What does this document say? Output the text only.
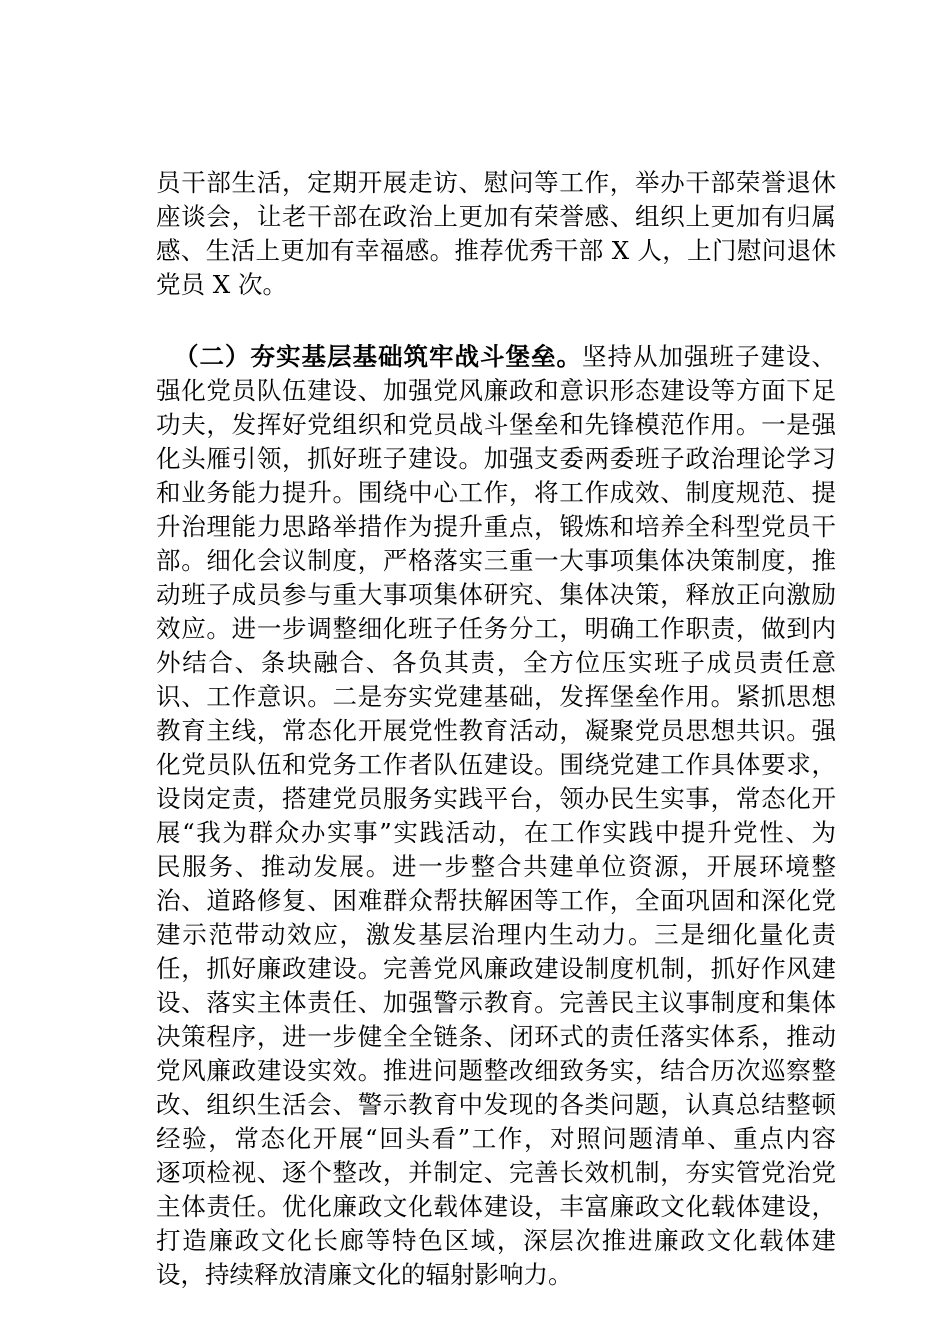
员干部生活，定期开展走访、慰问等工作，举办干部荣誉退休
座谈会，让老干部在政治上更加有荣誉感、组织上更加有归属
感、生活上更加有幸福感。推荐优秀干部 X 人，上门慰问退休
党员 X 次。
（二）夯实基层基础筑牢战斗堡垒。坚持从加强班子建设、
强化党员队伍建设、加强党风廉政和意识形态建设等方面下足
功夫，发挥好党组织和党员战斗堡垒和先锋模范作用。一是强
化头雁引领，抓好班子建设。加强支委两委班子政治理论学习
和业务能力提升。围绕中心工作，将工作成效、制度规范、提
升治理能力思路举措作为提升重点，锻炼和培养全科型党员干
部。细化会议制度，严格落实三重一大事项集体决策制度，推
动班子成员参与重大事项集体研究、集体决策，释放正向激励
效应。进一步调整细化班子任务分工，明确工作职责，做到内
外结合、条块融合、各负其责，全方位压实班子成员责任意
识、工作意识。二是夯实党建基础，发挥堡垒作用。紧抓思想
教育主线，常态化开展党性教育活动，凝聚党员思想共识。强
化党员队伍和党务工作者队伍建设。围绕党建工作具体要求，
设岗定责，搭建党员服务实践平台，领办民生实事，常态化开
展“我为群众办实事”实践活动，在工作实践中提升党性、为
民服务、推动发展。进一步整合共建单位资源，开展环境整
治、道路修复、困难群众帮扶解困等工作，全面巩固和深化党
建示范带动效应，激发基层治理内生动力。三是细化量化责
任，抓好廉政建设。完善党风廉政建设制度机制，抓好作风建
设、落实主体责任、加强警示教育。完善民主议事制度和集体
决策程序，进一步健全全链条、闭环式的责任落实体系，推动
党风廉政建设实效。推进问题整改细致务实，结合历次巡察整
改、组织生活会、警示教育中发现的各类问题，认真总结整顿
经验，常态化开展“回头看”工作，对照问题清单、重点内容
逐项检视、逐个整改，并制定、完善长效机制，夯实管党治党
主体责任。优化廉政文化载体建设，丰富廉政文化载体建设，
打造廉政文化长廊等特色区域，深层次推进廉政文化载体建
设，持续释放清廉文化的辐射影响力。
